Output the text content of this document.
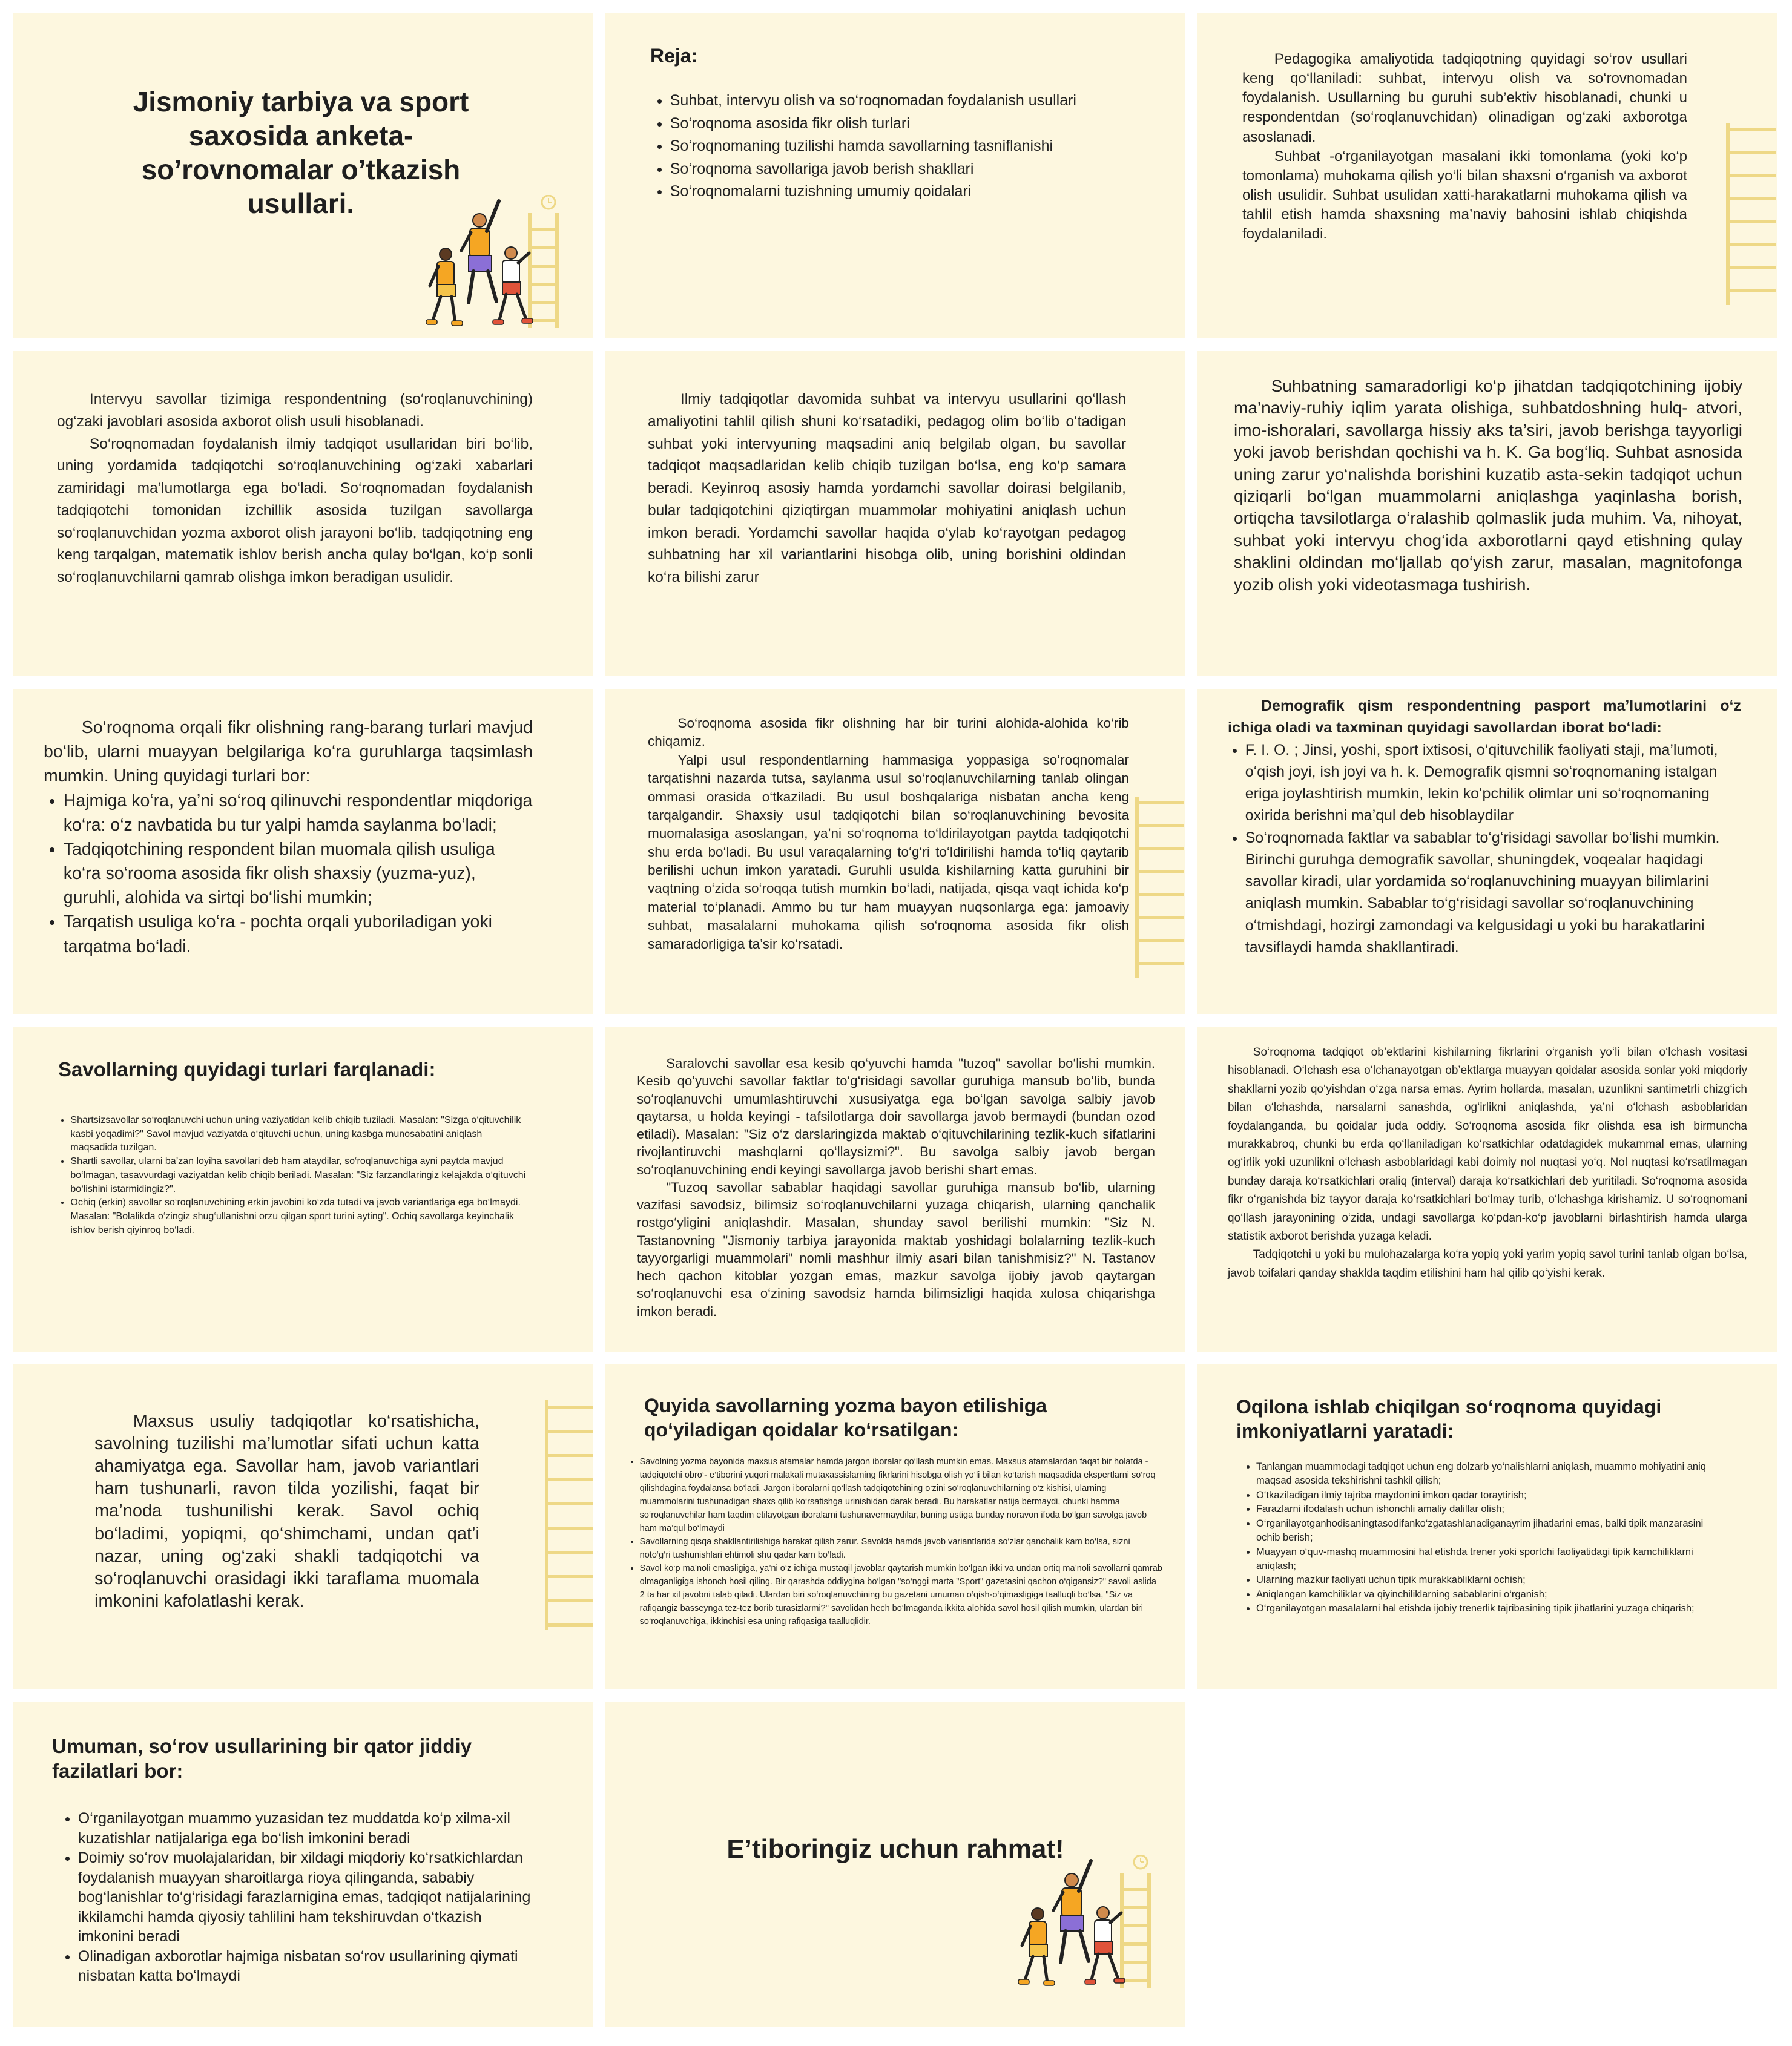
Jismoniy tarbiya va sport saxosida anketa-so’rovnomalar o’tkazish usullari.
Reja:
• Suhbat, intervyu olish va so‘roqnomadan foydalanish usullari
• So‘roqnoma asosida fikr olish turlari
• So‘roqnomaning tuzilishi hamda savollarning tasniflanishi
• So‘roqnoma savollariga javob berish shakllari
• So‘roqnomalarni tuzishning umumiy qoidalari

Pedagogika amaliyotida tadqiqotning quyidagi so‘rov usullari keng qo‘llaniladi: suhbat, intervyu olish va so‘rovnomadan foydalanish. Usullarning bu guruhi sub’ektiv hisoblanadi, chunki u respondentdan (so‘roqlanuvchidan) olinadigan og‘zaki axborotga asoslanadi.

Suhbat -o‘rganilayotgan masalani ikki tomonlama (yoki ko‘p tomonlama) muhokama qilish yo‘li bilan shaxsni o‘rganish va axborot olish usulidir. Suhbat usulidan xatti-harakatlarni muhokama qilish va tahlil etish hamda shaxsning ma’naviy bahosini ishlab chiqishda foydalaniladi.

Intervyu savollar tizimiga respondentning (so‘roqlanuvchining) og‘zaki javoblari asosida axborot olish usuli hisoblanadi.

So‘roqnomadan foydalanish ilmiy tadqiqot usullaridan biri bo‘lib, uning yordamida tadqiqotchi so‘roqlanuvchining og‘zaki xabarlari zamiridagi ma’lumotlarga ega bo‘ladi. So‘roqnomadan foydalanish tadqiqotchi tomonidan izchillik asosida tuzilgan savollarga so‘roqlanuvchidan yozma axborot olish jarayoni bo‘lib, tadqiqotning eng keng tarqalgan, matematik ishlov berish ancha qulay bo‘lgan, ko‘p sonli so‘roqlanuvchilarni qamrab olishga imkon beradigan usulidir.

Ilmiy tadqiqotlar davomida suhbat va intervyu usullarini qo‘llash amaliyotini tahlil qilish shuni ko‘rsatadiki, pedagog olim bo‘lib o‘tadigan suhbat yoki intervyuning maqsadini aniq belgilab olgan, bu savollar tadqiqot maqsadlaridan kelib chiqib tuzilgan bo‘lsa, eng ko‘p samara beradi. Keyinroq asosiy hamda yordamchi savollar doirasi belgilanib, bular tadqiqotchini qiziqtirgan muammolar mohiyatini aniqlash uchun imkon beradi. Yordamchi savollar haqida o‘ylab ko‘rayotgan pedagog suhbatning har xil variantlarini hisobga olib, uning borishini oldindan ko‘ra bilishi zarur

Suhbatning samaradorligi ko‘p jihatdan tadqiqotchining ijobiy ma’naviy-ruhiy iqlim yarata olishiga, suhbatdoshning hulq- atvori, imo-ishoralari, savollarga hissiy aks ta’siri, javob berishga tayyorligi yoki javob berishdan qochishi va h. K. Ga bog‘liq. Suhbat asnosida uning zarur yo‘nalishda borishini kuzatib asta-sekin tadqiqot uchun qiziqarli bo‘lgan muammolarni aniqlashga yaqinlasha borish, ortiqcha tavsilotlarga o‘ralashib qolmaslik juda muhim. Va, nihoyat, suhbat yoki intervyu chog‘ida axborotlarni qayd etishning qulay shaklini oldindan mo‘ljallab qo‘yish zarur, masalan, magnitofonga yozib olish yoki videotasmaga tushirish.

So‘roqnoma orqali fikr olishning rang-barang turlari mavjud bo‘lib, ularni muayyan belgilariga ko‘ra guruhlarga taqsimlash mumkin. Uning quyidagi turlari bor:

• Hajmiga ko‘ra, ya’ni so‘roq qilinuvchi respondentlar miqdoriga ko‘ra: o‘z navbatida bu tur yalpi hamda saylanma bo‘ladi;
• Tadqiqotchining respondent bilan muomala qilish usuliga ko‘ra so‘rooma asosida fikr olish shaxsiy (yuzma-yuz), guruhli, alohida va sirtqi bo‘lishi mumkin;
• Tarqatish usuliga ko‘ra - pochta orqali yuboriladigan yoki tarqatma bo‘ladi.

So‘roqnoma asosida fikr olishning har bir turini alohida-alohida ko‘rib chiqamiz.

Yalpi usul respondentlarning hammasiga yoppasiga so‘roqnomalar tarqatishni nazarda tutsa, saylanma usul so‘roqlanuvchilarning tanlab olingan ommasi orasida o‘tkaziladi. Bu usul boshqalariga nisbatan ancha keng tarqalgandir. Shaxsiy usul tadqiqotchi bilan so‘roqlanuvchining bevosita muomalasiga asoslangan, ya’ni so‘roqnoma to‘ldirilayotgan paytda tadqiqotchi shu erda bo‘ladi. Bu usul varaqalarning to‘g‘ri to‘ldirilishi hamda to‘liq qaytarib berilishi uchun imkon yaratadi. Guruhli usulda kishilarning katta guruhini bir vaqtning o‘zida so‘roqqa tutish mumkin bo‘ladi, natijada, qisqa vaqt ichida ko‘p material to‘planadi. Ammo bu tur ham muayyan nuqsonlarga ega: jamoaviy suhbat, masalalarni muhokama qilish so‘roqnoma asosida fikr olish samaradorligiga ta’sir ko‘rsatadi.

Demografik qism respondentning pasport ma’lumotlarini o‘z ichiga oladi va taxminan quyidagi savollardan iborat bo‘ladi:

• F. I. O. ; Jinsi, yoshi, sport ixtisosi, o‘qituvchilik faoliyati staji, ma’lumoti, o‘qish joyi, ish joyi va h. k. Demografik qismni so‘roqnomaning istalgan eriga joylashtirish mumkin, lekin ko‘pchilik olimlar uni so‘roqnomaning oxirida berishni ma’qul deb hisoblaydilar
• So‘roqnomada faktlar va sabablar to‘g‘risidagi savollar bo‘lishi mumkin. Birinchi guruhga demografik savollar, shuningdek, voqealar haqidagi savollar kiradi, ular yordamida so‘roqlanuvchining muayyan bilimlarini aniqlash mumkin. Sabablar to‘g‘risidagi savollar so‘roqlanuvchining o‘tmishdagi, hozirgi zamondagi va kelgusidagi u yoki bu harakatlarini tavsiflaydi hamda shakllantiradi.
Savollarning quyidagi turlari farqlanadi:
• Shartsizsavollar so‘roqlanuvchi uchun uning vaziyatidan kelib chiqib tuziladi. Masalan: "Sizga o‘qituvchilik kasbi yoqadimi?" Savol mavjud vaziyatda o‘qituvchi uchun, uning kasbga munosabatini aniqlash maqsadida tuzilgan.
• Shartli savollar, ularni ba’zan loyiha savollari deb ham ataydilar, so‘roqlanuvchiga ayni paytda mavjud bo‘lmagan, tasavvurdagi vaziyatdan kelib chiqib beriladi. Masalan: "Siz farzandlaringiz kelajakda o‘qituvchi bo‘lishini istarmidingiz?".
• Ochiq (erkin) savollar so‘roqlanuvchining erkin javobini ko‘zda tutadi va javob variantlariga ega bo‘lmaydi. Masalan: "Bolalikda o‘zingiz shug‘ullanishni orzu qilgan sport turini ayting". Ochiq savollarga keyinchalik ishlov berish qiyinroq bo‘ladi.

Saralovchi savollar esa kesib qo‘yuvchi hamda "tuzoq" savollar bo‘lishi mumkin. Kesib qo‘yuvchi savollar faktlar to‘g‘risidagi savollar guruhiga mansub bo‘lib, bunda so‘roqlanuvchi umumlashtiruvchi xususiyatga ega bo‘lgan savolga salbiy javob qaytarsa, u holda keyingi - tafsilotlarga doir savollarga javob bermaydi (bundan ozod etiladi). Masalan: "Siz o‘z darslaringizda maktab o‘qituvchilarining tezlik-kuch sifatlarini rivojlantiruvchi mashqlarni qo‘llaysizmi?". Bu savolga salbiy javob bergan so‘roqlanuvchining endi keyingi savollarga javob berishi shart emas.

"Tuzoq savollar sabablar haqidagi savollar guruhiga mansub bo‘lib, ularning vazifasi savodsiz, bilimsiz so‘roqlanuvchilarni yuzaga chiqarish, ularning qanchalik rostgo‘yligini aniqlashdir. Masalan, shunday savol berilishi mumkin: "Siz N. Tastanovning "Jismoniy tarbiya jarayonida maktab yoshidagi bolalarning tezlik-kuch tayyorgarligi muammolari" nomli mashhur ilmiy asari bilan tanishmisiz?" N. Tastanov hech qachon kitoblar yozgan emas, mazkur savolga ijobiy javob qaytargan so‘roqlanuvchi esa o‘zining savodsiz hamda bilimsizligi haqida xulosa chiqarishga imkon beradi.

So‘roqnoma tadqiqot ob’ektlarini kishilarning fikrlarini o‘rganish yo‘li bilan o‘lchash vositasi hisoblanadi. O‘lchash esa o‘lchanayotgan ob’ektlarga muayyan qoidalar asosida sonlar yoki miqdoriy shakllarni yozib qo‘yishdan o‘zga narsa emas. Ayrim hollarda, masalan, uzunlikni santimetrli chizg‘ich bilan o‘lchashda, narsalarni sanashda, og‘irlikni aniqlashda, ya’ni o‘lchash asboblaridan foydalanganda, bu qoidalar juda oddiy. So‘roqnoma asosida fikr olishda esa ish birmuncha murakkabroq, chunki bu erda qo‘llaniladigan ko‘rsatkichlar odatdagidek mukammal emas, ularning og‘irlik yoki uzunlikni o‘lchash asboblaridagi kabi doimiy nol nuqtasi yo‘q. Nol nuqtasi ko‘rsatilmagan bunday daraja ko‘rsatkichlari oraliq (interval) daraja ko‘rsatkichlari deb yuritiladi. So‘roqnoma asosida fikr o‘rganishda biz tayyor daraja ko‘rsatkichlari bo‘lmay turib, o‘lchashga kirishamiz. U so‘roqnomani qo‘llash jarayonining o‘zida, undagi savollarga ko‘pdan-ko‘p javoblarni birlashtirish hamda ularga statistik axborot berishda yuzaga keladi.

Tadqiqotchi u yoki bu mulohazalarga ko‘ra yopiq yoki yarim yopiq savol turini tanlab olgan bo‘lsa, javob toifalari qanday shaklda taqdim etilishini ham hal qilib qo‘yishi kerak.

Maxsus usuliy tadqiqotlar ko‘rsatishicha, savolning tuzilishi ma’lumotlar sifati uchun katta ahamiyatga ega. Savollar ham, javob variantlari ham tushunarli, ravon tilda yozilishi, faqat bir ma’noda tushunilishi kerak. Savol ochiq bo‘ladimi, yopiqmi, qo‘shimchami, undan qat’i nazar, uning og‘zaki shakli tadqiqotchi va so‘roqlanuvchi orasidagi ikki taraflama muomala imkonini kafolatlashi kerak.

Quyida savollarning yozma bayon etilishiga qo‘yiladigan qoidalar ko‘rsatilgan:
• Savolning yozma bayonida maxsus atamalar hamda jargon iboralar qo‘llash mumkin emas. Maxsus atamalardan faqat bir holatda - tadqiqotchi obro‘- e’tiborini yuqori malakali mutaxassislarning fikrlarini hisobga olish yo‘li bilan ko‘tarish maqsadida ekspertlarni so‘roq qilishdagina foydalansa bo‘ladi. Jargon iboralarni qo‘llash tadqiqotchining o‘zini so‘roqlanuvchilarning o‘z kishisi, ularning muammolarini tushunadigan shaxs qilib ko‘rsatishga urinishidan darak beradi. Bu harakatlar natija bermaydi, chunki hamma so‘roqlanuvchilar ham taqdim etilayotgan iboralarni tushunavermaydilar, buning ustiga bunday noravon ifoda bo‘lgan savolga javob ham ma’qul bo‘lmaydi
• Savollarning qisqa shakllantirilishiga harakat qilish zarur. Savolda hamda javob variantlarida so‘zlar qanchalik kam bo‘lsa, sizni noto‘g‘ri tushunishlari ehtimoli shu qadar kam bo‘ladi.
• Savol ko‘p ma’noli emasligiga, ya’ni o‘z ichiga mustaqil javoblar qaytarish mumkin bo‘lgan ikki va undan ortiq ma’noli savollarni qamrab olmaganligiga ishonch hosil qiling. Bir qarashda oddiygina bo‘lgan "so‘nggi marta "Sport" gazetasini qachon o‘qigansiz?" savoli aslida 2 ta har xil javobni talab qiladi. Ulardan biri so‘roqlanuvchining bu gazetani umuman o‘qish-o‘qimasligiga taalluqli bo‘lsa, "Siz va rafiqangiz basseynga tez-tez borib turasizlarmi?" savolidan hech bo‘lmaganda ikkita alohida savol hosil qilish mumkin, ulardan biri so‘roqlanuvchiga, ikkinchisi esa uning rafiqasiga taalluqlidir.
Oqilona ishlab chiqilgan so‘roqnoma quyidagi imkoniyatlarni yaratadi:
• Tanlangan muammodagi tadqiqot uchun eng dolzarb yo‘nalishlarni aniqlash, muammo mohiyatini aniq maqsad asosida tekshirishni tashkil qilish;
• O‘tkaziladigan ilmiy tajriba maydonini imkon qadar toraytirish;
• Farazlarni ifodalash uchun ishonchli amaliy dalillar olish;
• O‘rganilayotganhodisaningtasodifanko‘zgatashlanadiganayrim jihatlarini emas, balki tipik manzarasini ochib berish;
• Muayyan o‘quv-mashq muammosini hal etishda trener yoki sportchi faoliyatidagi tipik kamchiliklarni aniqlash;
• Ularning mazkur faoliyati uchun tipik murakkabliklarni ochish;
• Aniqlangan kamchiliklar va qiyinchiliklarning sabablarini o‘rganish;
• O‘rganilayotgan masalalarni hal etishda ijobiy trenerlik tajribasining tipik jihatlarini yuzaga chiqarish;
Umuman, so‘rov usullarining bir qator jiddiy fazilatlari bor:
• O‘rganilayotgan muammo yuzasidan tez muddatda ko‘p xilma-xil kuzatishlar natijalariga ega bo‘lish imkonini beradi
• Doimiy so‘rov muolajalaridan, bir xildagi miqdoriy ko‘rsatkichlardan foydalanish muayyan sharoitlarga rioya qilinganda, sababiy bog‘lanishlar to‘g‘risidagi farazlarnigina emas, tadqiqot natijalarining ikkilamchi hamda qiyosiy tahlilini ham tekshiruvdan o‘tkazish imkonini beradi
• Olinadigan axborotlar hajmiga nisbatan so‘rov usullarining qiymati nisbatan katta bo‘lmaydi
E’tiboringiz uchun rahmat!
